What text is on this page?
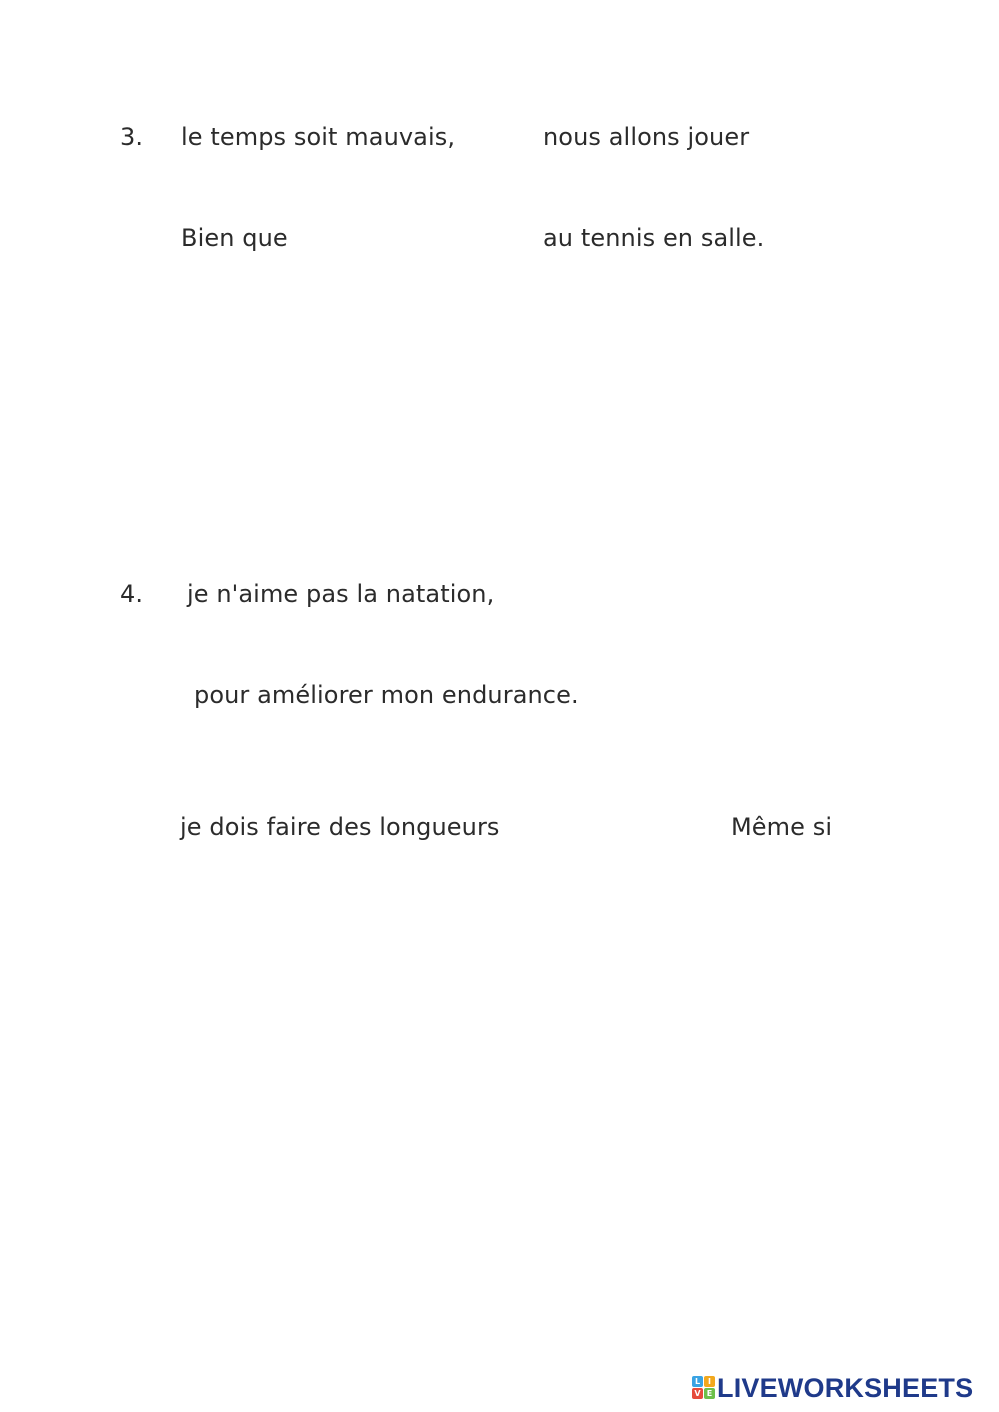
3. le temps soit mauvais,	nous allons jouer
Bien que	au tennis en salle.
4. je n'aime pas la natation,
pour améliorer mon endurance.
je dois faire des longueurs	Même si
L I
V E LIVEWORKSHEETS
